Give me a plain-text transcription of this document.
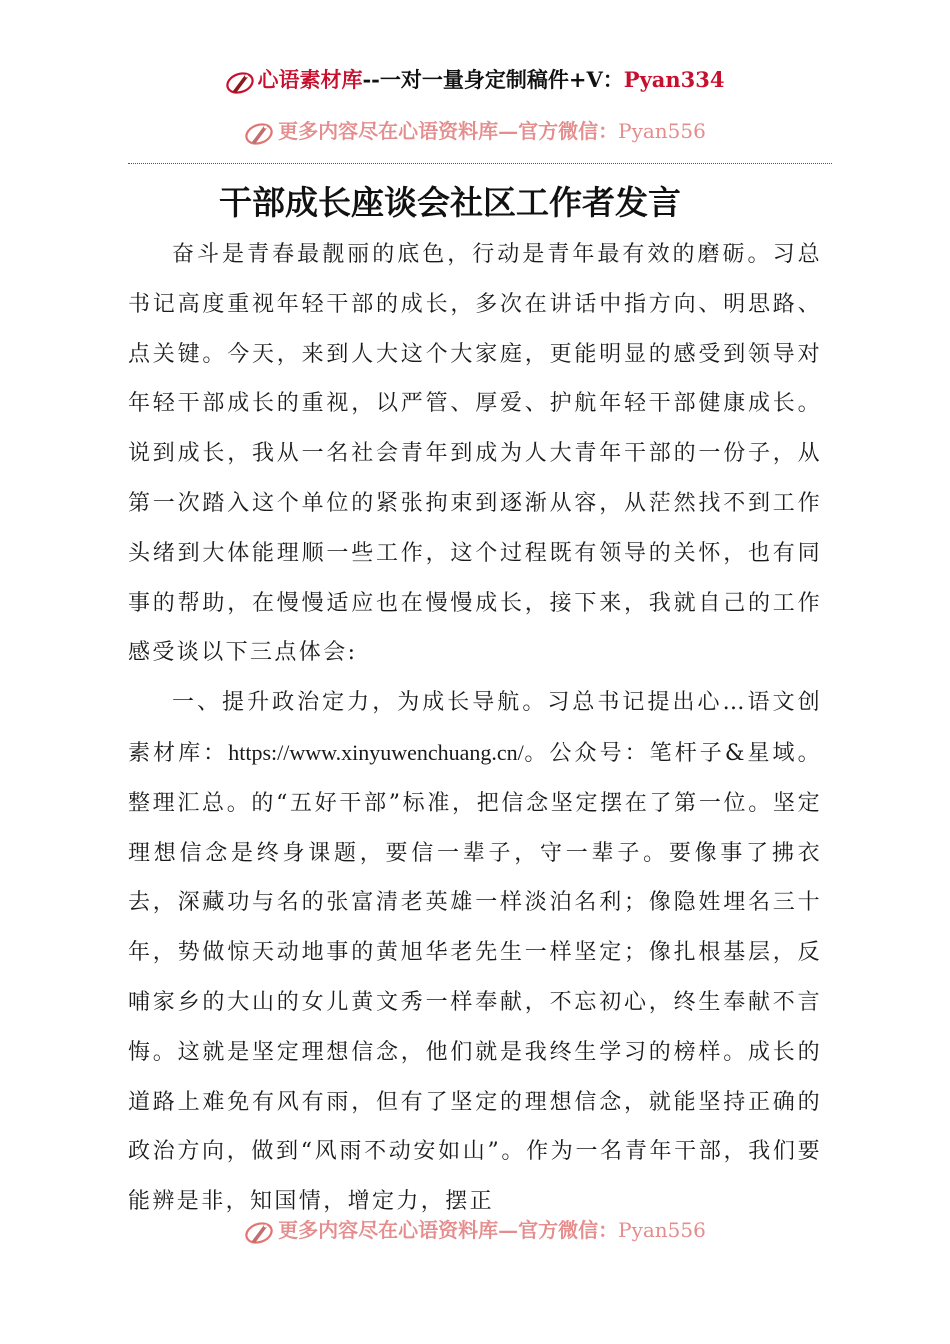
心语素材库--一对一量身定制稿件+V：Pyan334
更多内容尽在心语资料库—官方微信：Pyan556
干部成长座谈会社区工作者发言

奋斗是青春最靓丽的底色，行动是青年最有效的磨砺。习总书记高度重视年轻干部的成长，多次在讲话中指方向、明思路、点关键。今天，来到人大这个大家庭，更能明显的感受到领导对年轻干部成长的重视，以严管、厚爱、护航年轻干部健康成长。说到成长，我从一名社会青年到成为人大青年干部的一份子，从第一次踏入这个单位的紧张拘束到逐渐从容，从茫然找不到工作头绪到大体能理顺一些工作，这个过程既有领导的关怀，也有同事的帮助，在慢慢适应也在慢慢成长，接下来，我就自己的工作感受谈以下三点体会:

一、提升政治定力，为成长导航。习总书记提出心…语文创素材库：https://www.xinyuwenchuang.cn/。公众号：笔杆子&星域。整理汇总。的“五好干部”标准，把信念坚定摆在了第一位。坚定理想信念是终身课题，要信一辈子，守一辈子。要像事了拂衣去，深藏功与名的张富清老英雄一样淡泊名利；像隐姓埋名三十年，势做惊天动地事的黄旭华老先生一样坚定；像扎根基层，反哺家乡的大山的女儿黄文秀一样奉献，不忘初心，终生奉献不言悔。这就是坚定理想信念，他们就是我终生学习的榜样。成长的道路上难免有风有雨，但有了坚定的理想信念，就能坚持正确的政治方向，做到“风雨不动安如山”。作为一名青年干部，我们要能辨是非，知国情，增定力，摆正

更多内容尽在心语资料库—官方微信：Pyan556
